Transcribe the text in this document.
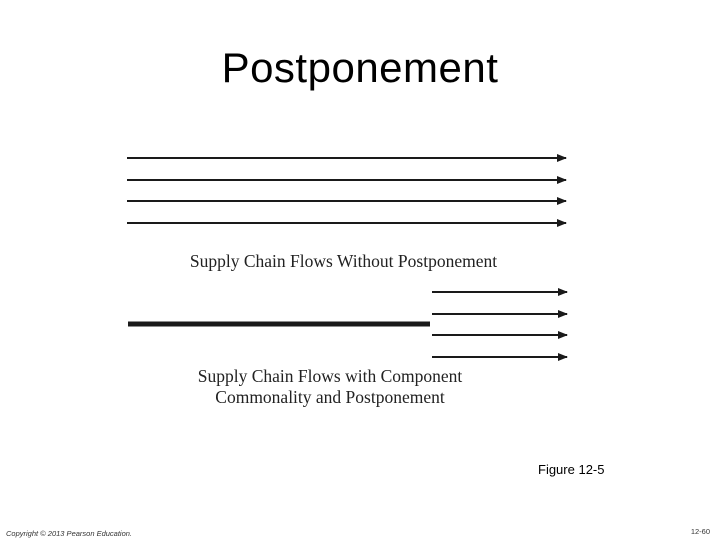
Postponement
Supply Chain Flows Without Postponement
Supply Chain Flows with Component
Commonality and Postponement
Figure 12-5
Copyright © 2013 Pearson Education.	12-60
